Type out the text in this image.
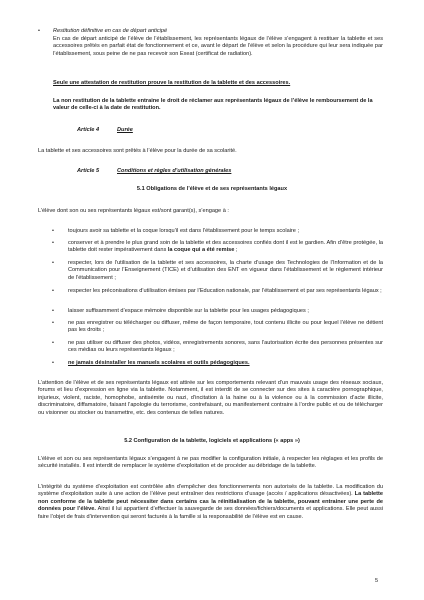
• Restitution définitive en cas de départ anticipé

En cas de départ anticipé de l’élève de l’établissement, les représentants légaux de l’élève s’engagent à restituer la tablette et ses accessoires prêtés en parfait état de fonctionnement et ce, avant le départ de l’élève et selon la procédure qui leur sera indiquée par l’établissement, sous peine de ne pas recevoir son Exeat (certificat de radiation).

Seule une attestation de restitution prouve la restitution de la tablette et des accessoires.

La non restitution de la tablette entraine le droit de réclamer aux représentants légaux de l’élève le remboursement de la valeur de celle-ci à la date de restitution.

Article 4	Durée

La tablette et ses accessoires sont prêtés à l’élève pour la durée de sa scolarité.

Article 5	Conditions et règles d’utilisation générales

5.1 Obligations de l’élève et de ses représentants légaux

L’élève dont son ou ses représentants légaux est/sont garant(s), s’engage à :

•	toujours avoir sa tablette et la coque lorsqu’il est dans l’établissement pour le temps scolaire ;

•	conserver et à prendre le plus grand soin de la tablette et des accessoires confiés dont il est le gardien. Afin d’être protégée, la tablette doit rester impérativement dans la coque qui a été remise ;

•	respecter, lors de l’utilisation de la tablette et ses accessoires, la charte d’usage des Technologies de l’Information et de la Communication pour l’Enseignement (TICE) et d’utilisation des ENT en vigueur dans l’établissement et le règlement intérieur de l’établissement ;

•	respecter les préconisations d’utilisation émises par l’Education nationale, par l’établissement et par ses représentants légaux ;

•	laisser suffisamment d’espace mémoire disponible sur la tablette pour les usages pédagogiques ;

•	ne pas enregistrer ou télécharger ou diffuser, même de façon temporaire, tout contenu illicite ou pour lequel l’élève ne détient pas les droits ;

•	ne pas utiliser ou diffuser des photos, vidéos, enregistrements sonores, sans l’autorisation écrite des personnes présentes sur ces médias ou leurs représentants légaux ;

•	ne jamais désinstaller les manuels scolaires et outils pédagogiques.

L’attention de l’élève et de ses représentants légaux est attirée sur les comportements relevant d’un mauvais usage des réseaux sociaux, forums et lieu d’expression en ligne via la tablette. Notamment, il est interdit de se connecter sur des sites à caractère pornographique, injurieux, violent, raciste, homophobe, antisémite ou nazi, d’incitation à la haine ou à la violence ou à la commission d’acte illicite, discriminatoire, diffamatoire, faisant l’apologie du terrorisme, contrefaisant, ou manifestement contraire à l’ordre public et ou de télécharger ou visionner ou stocker ou transmettre, etc. des contenus de telles natures.

5.2 Configuration de la tablette, logiciels et applications (« apps »)

L’élève et son ou ses représentants légaux s’engagent à ne pas modifier la configuration initiale, à respecter les réglages et les profils de sécurité installés. Il est interdit de remplacer le système d’exploitation et de procéder au débridage de la tablette.

L’intégrité du système d’exploitation est contrôlée afin d’empêcher des fonctionnements non autorisés de la tablette. La modification du système d’exploitation suite à une action de l’élève peut entraîner des restrictions d’usage (accès / applications désactivées). La tablette non conforme de la tablette peut nécessiter dans certains cas la réinitialisation de la tablette, pouvant entrainer une perte de données pour l’élève. Ainsi il lui appartient d’effectuer la sauvegarde de ses données/fichiers/documents et applications. Elle peut aussi faire l’objet de frais d’intervention qui seront facturés à la famille si la responsabilité de l’élève est en cause.

5
